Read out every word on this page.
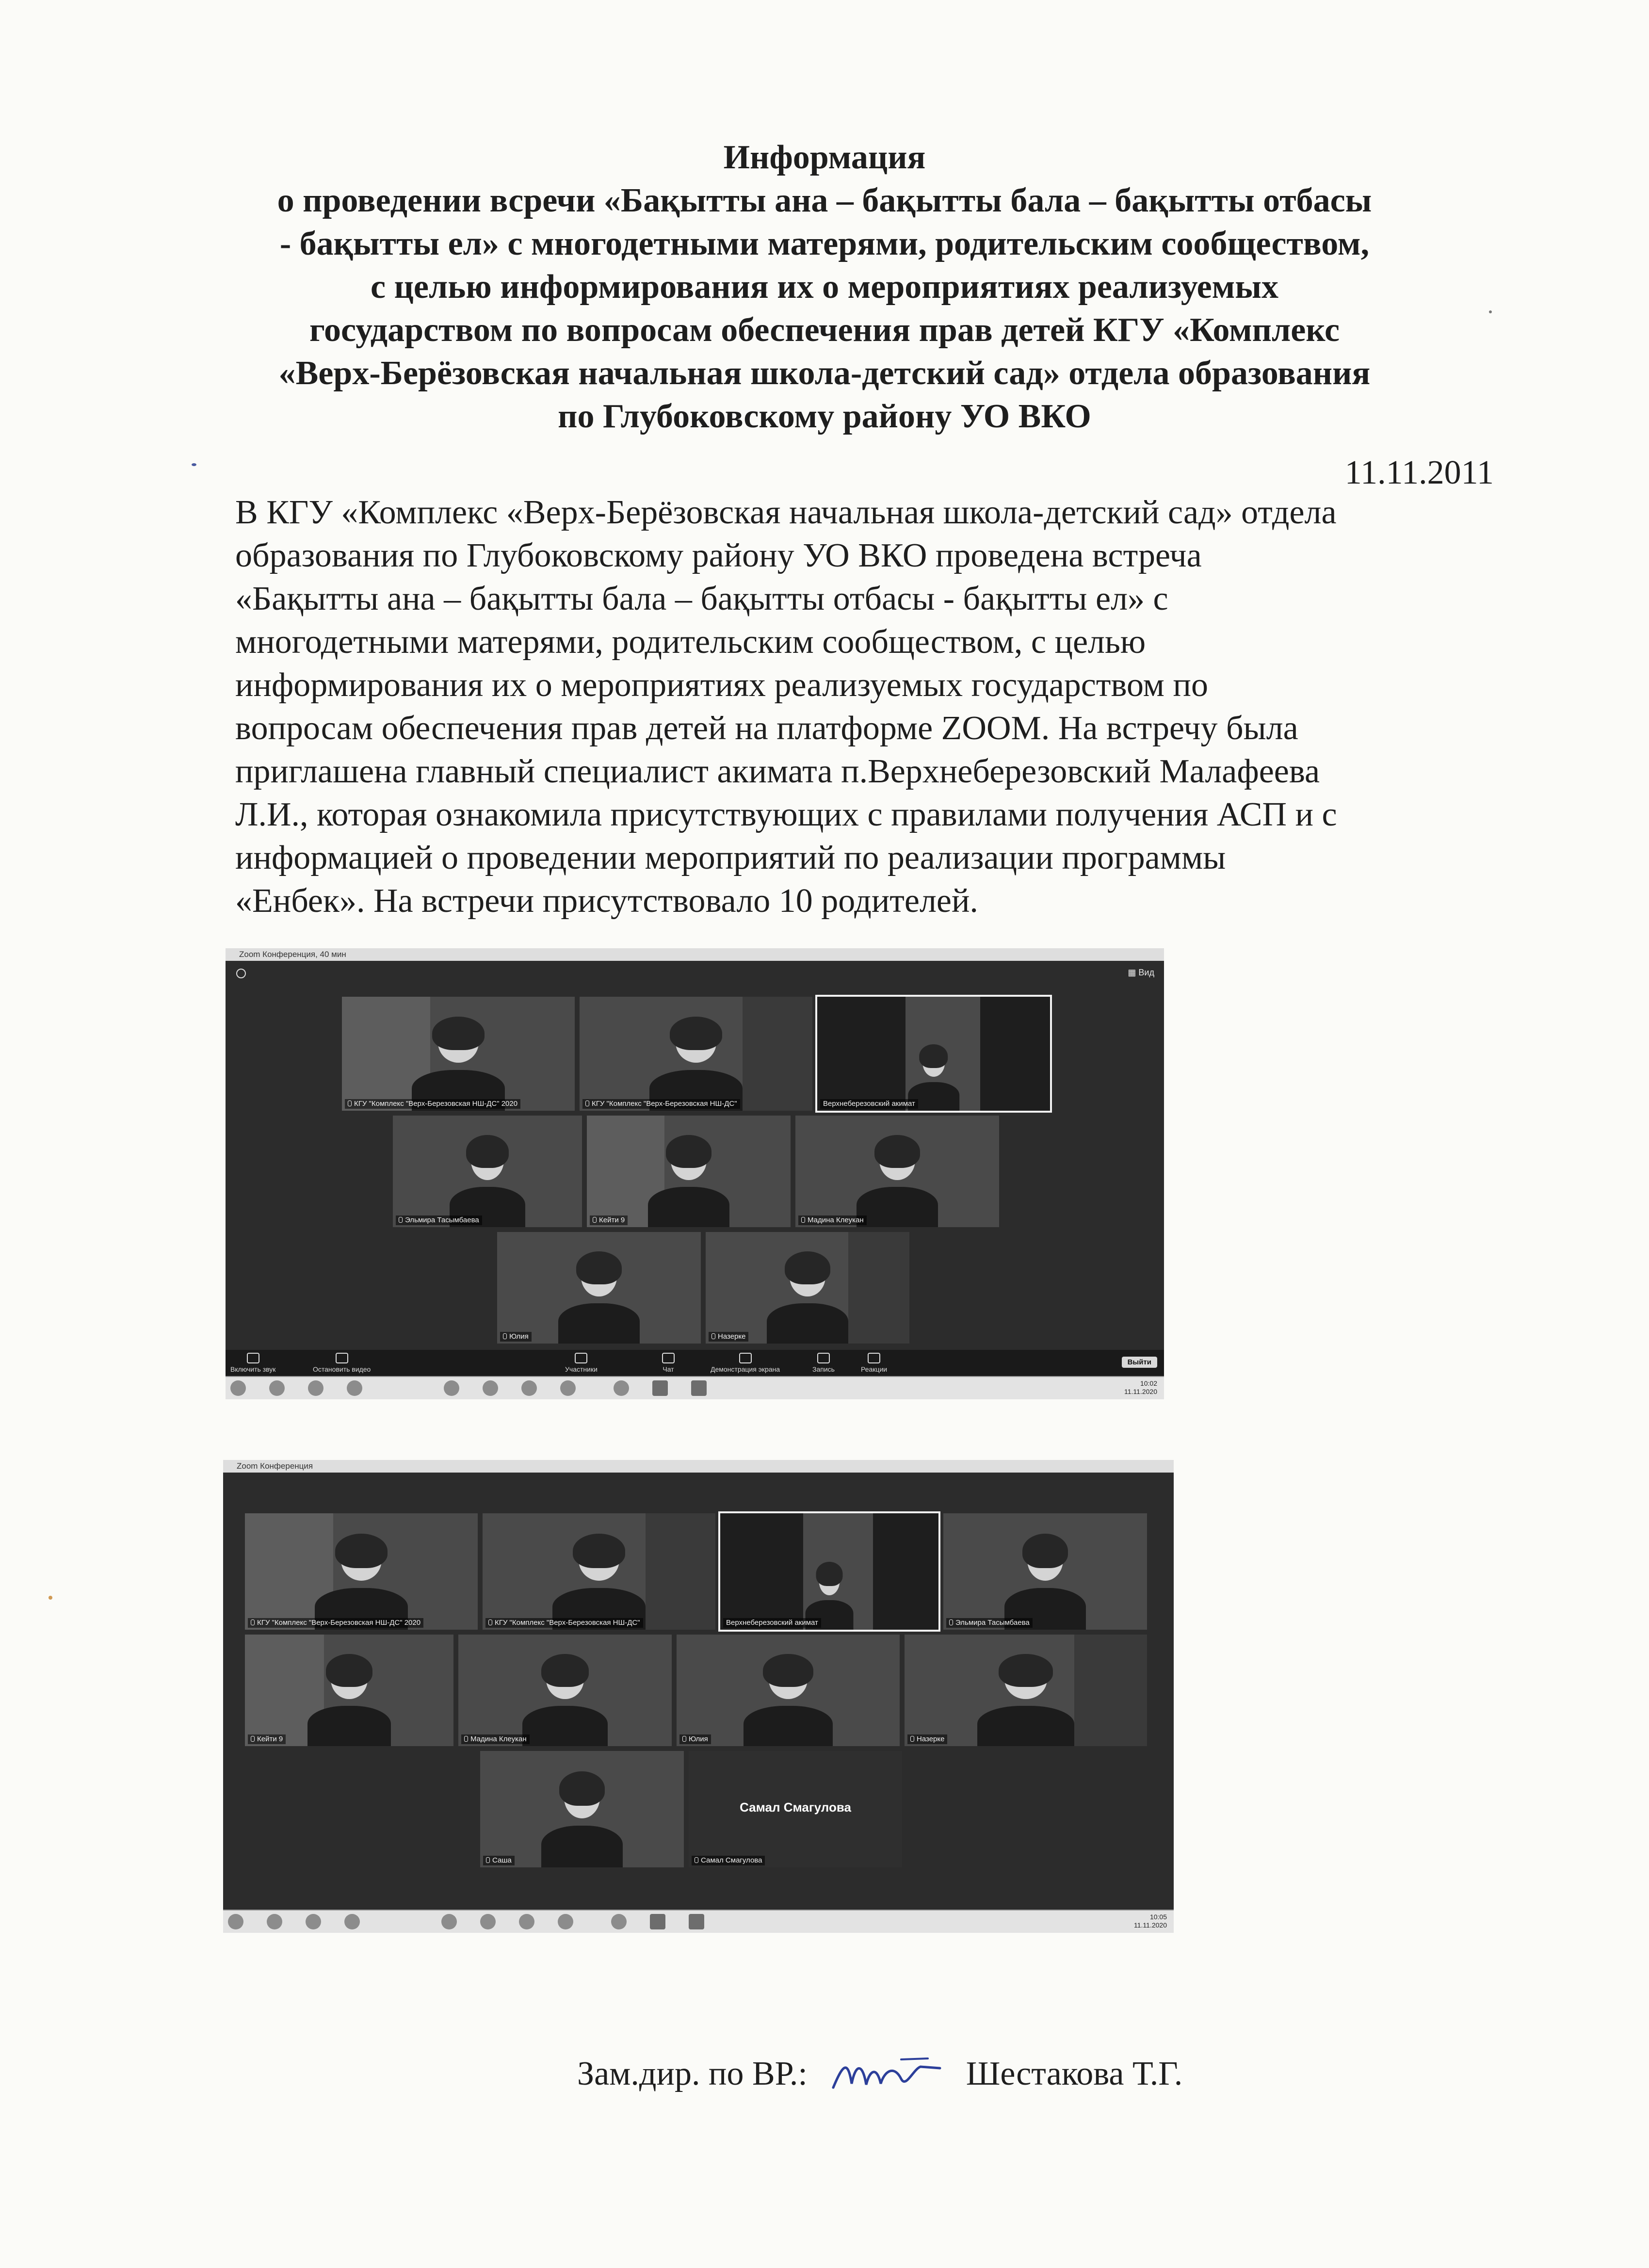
Информация
о проведении всречи «Бақытты ана – бақытты бала – бақытты отбасы
- бақытты ел» с многодетными матерями, родительским сообществом,
с целью информирования их о мероприятиях реализуемых
государством по вопросам обеспечения прав детей КГУ «Комплекс
«Верх-Берёзовская начальная школа-детский сад» отдела образования
по Глубоковскому району УО ВКО
11.11.2011
В КГУ «Комплекс «Верх-Берёзовская начальная школа-детский сад» отдела
образования по Глубоковскому району УО ВКО проведена встреча
«Бақытты ана – бақытты бала – бақытты отбасы - бақытты ел» с
многодетными матерями, родительским сообществом, с целью
информирования их о мероприятиях реализуемых государством по
вопросам обеспечения прав детей на платформе ZOOM. На встречу была
приглашена главный специалист акимата п.Верхнеберезовский Малафеева
Л.И., которая ознакомила присутствующих с правилами получения АСП и с
информацией о проведении мероприятий по реализации программы
«Енбек». На встречи присутствовало 10 родителей.
Zoom Конференция, 40 мин
▦ Вид
КГУ "Комплекс "Верх-Березовская НШ-ДС" 2020	КГУ "Комплекс "Верх-Березовская НШ-ДС"	Верхнеберезовский акимат
Эльмира Тасымбаева	Кейти 9	Мадина Клеукан
Юлия	Назерке
Включить звук	Остановить видео	Участники	Чат	Демонстрация экрана	Запись	Реакции
Выйти
10:02
11.11.2020
Zoom Конференция
КГУ "Комплекс "Верх-Березовская НШ-ДС" 2020	КГУ "Комплекс "Верх-Березовская НШ-ДС"	Верхнеберезовский акимат	Эльмира Тасымбаева
Кейти 9	Мадина Клеукан	Юлия	Назерке
Саша
Самал Смагулова
Самал Смагулова
10:05
11.11.2020
Зам.дир. по ВР.:	Шестакова Т.Г.
